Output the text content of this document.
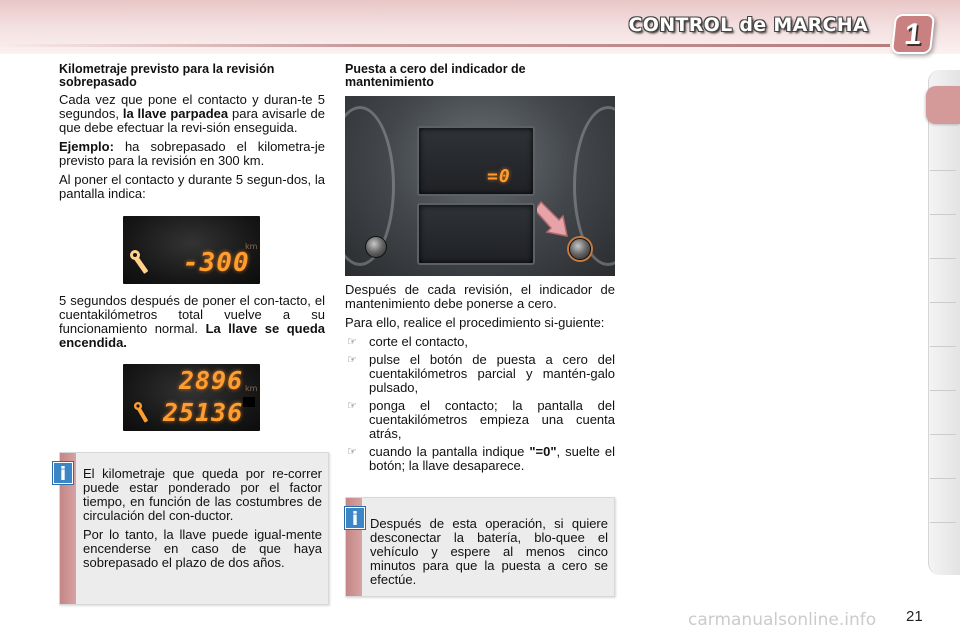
CONTROL de MARCHA	1
Kilometraje previsto para la revisión sobrepasado

Cada vez que pone el contacto y duran-te 5 segundos, la llave parpadea para avisarle de que debe efectuar la revi-sión enseguida.

Ejemplo: ha sobrepasado el kilometra-je previsto para la revisión en 300 km.

Al poner el contacto y durante 5 segun-dos, la pantalla indica:

5 segundos después de poner el con-tacto, el cuentakilómetros total vuelve a su funcionamiento normal. La llave se queda encendida.

-300
km
2896 km
25136

El kilometraje que queda por re-correr puede estar ponderado por el factor tiempo, en función de las costumbres de circulación del con-ductor.

Por lo tanto, la llave puede igual-mente encenderse en caso de que haya sobrepasado el plazo de dos años.

i
Puesta a cero del indicador de mantenimiento
=0

Después de cada revisión, el indicador de mantenimiento debe ponerse a cero.

Para ello, realice el procedimiento si-guiente:

☞ corte el contacto,
☞ pulse el botón de puesta a cero del cuentakilómetros parcial y mantén-galo pulsado,
☞ ponga el contacto; la pantalla del cuentakilómetros empieza una cuenta atrás,
☞ cuando la pantalla indique "=0", suelte el botón; la llave desaparece.

Después de esta operación, si quiere desconectar la batería, blo-quee el vehículo y espere al menos cinco minutos para que la puesta a cero se efectúe.

i
carmanualsonline.info 21
